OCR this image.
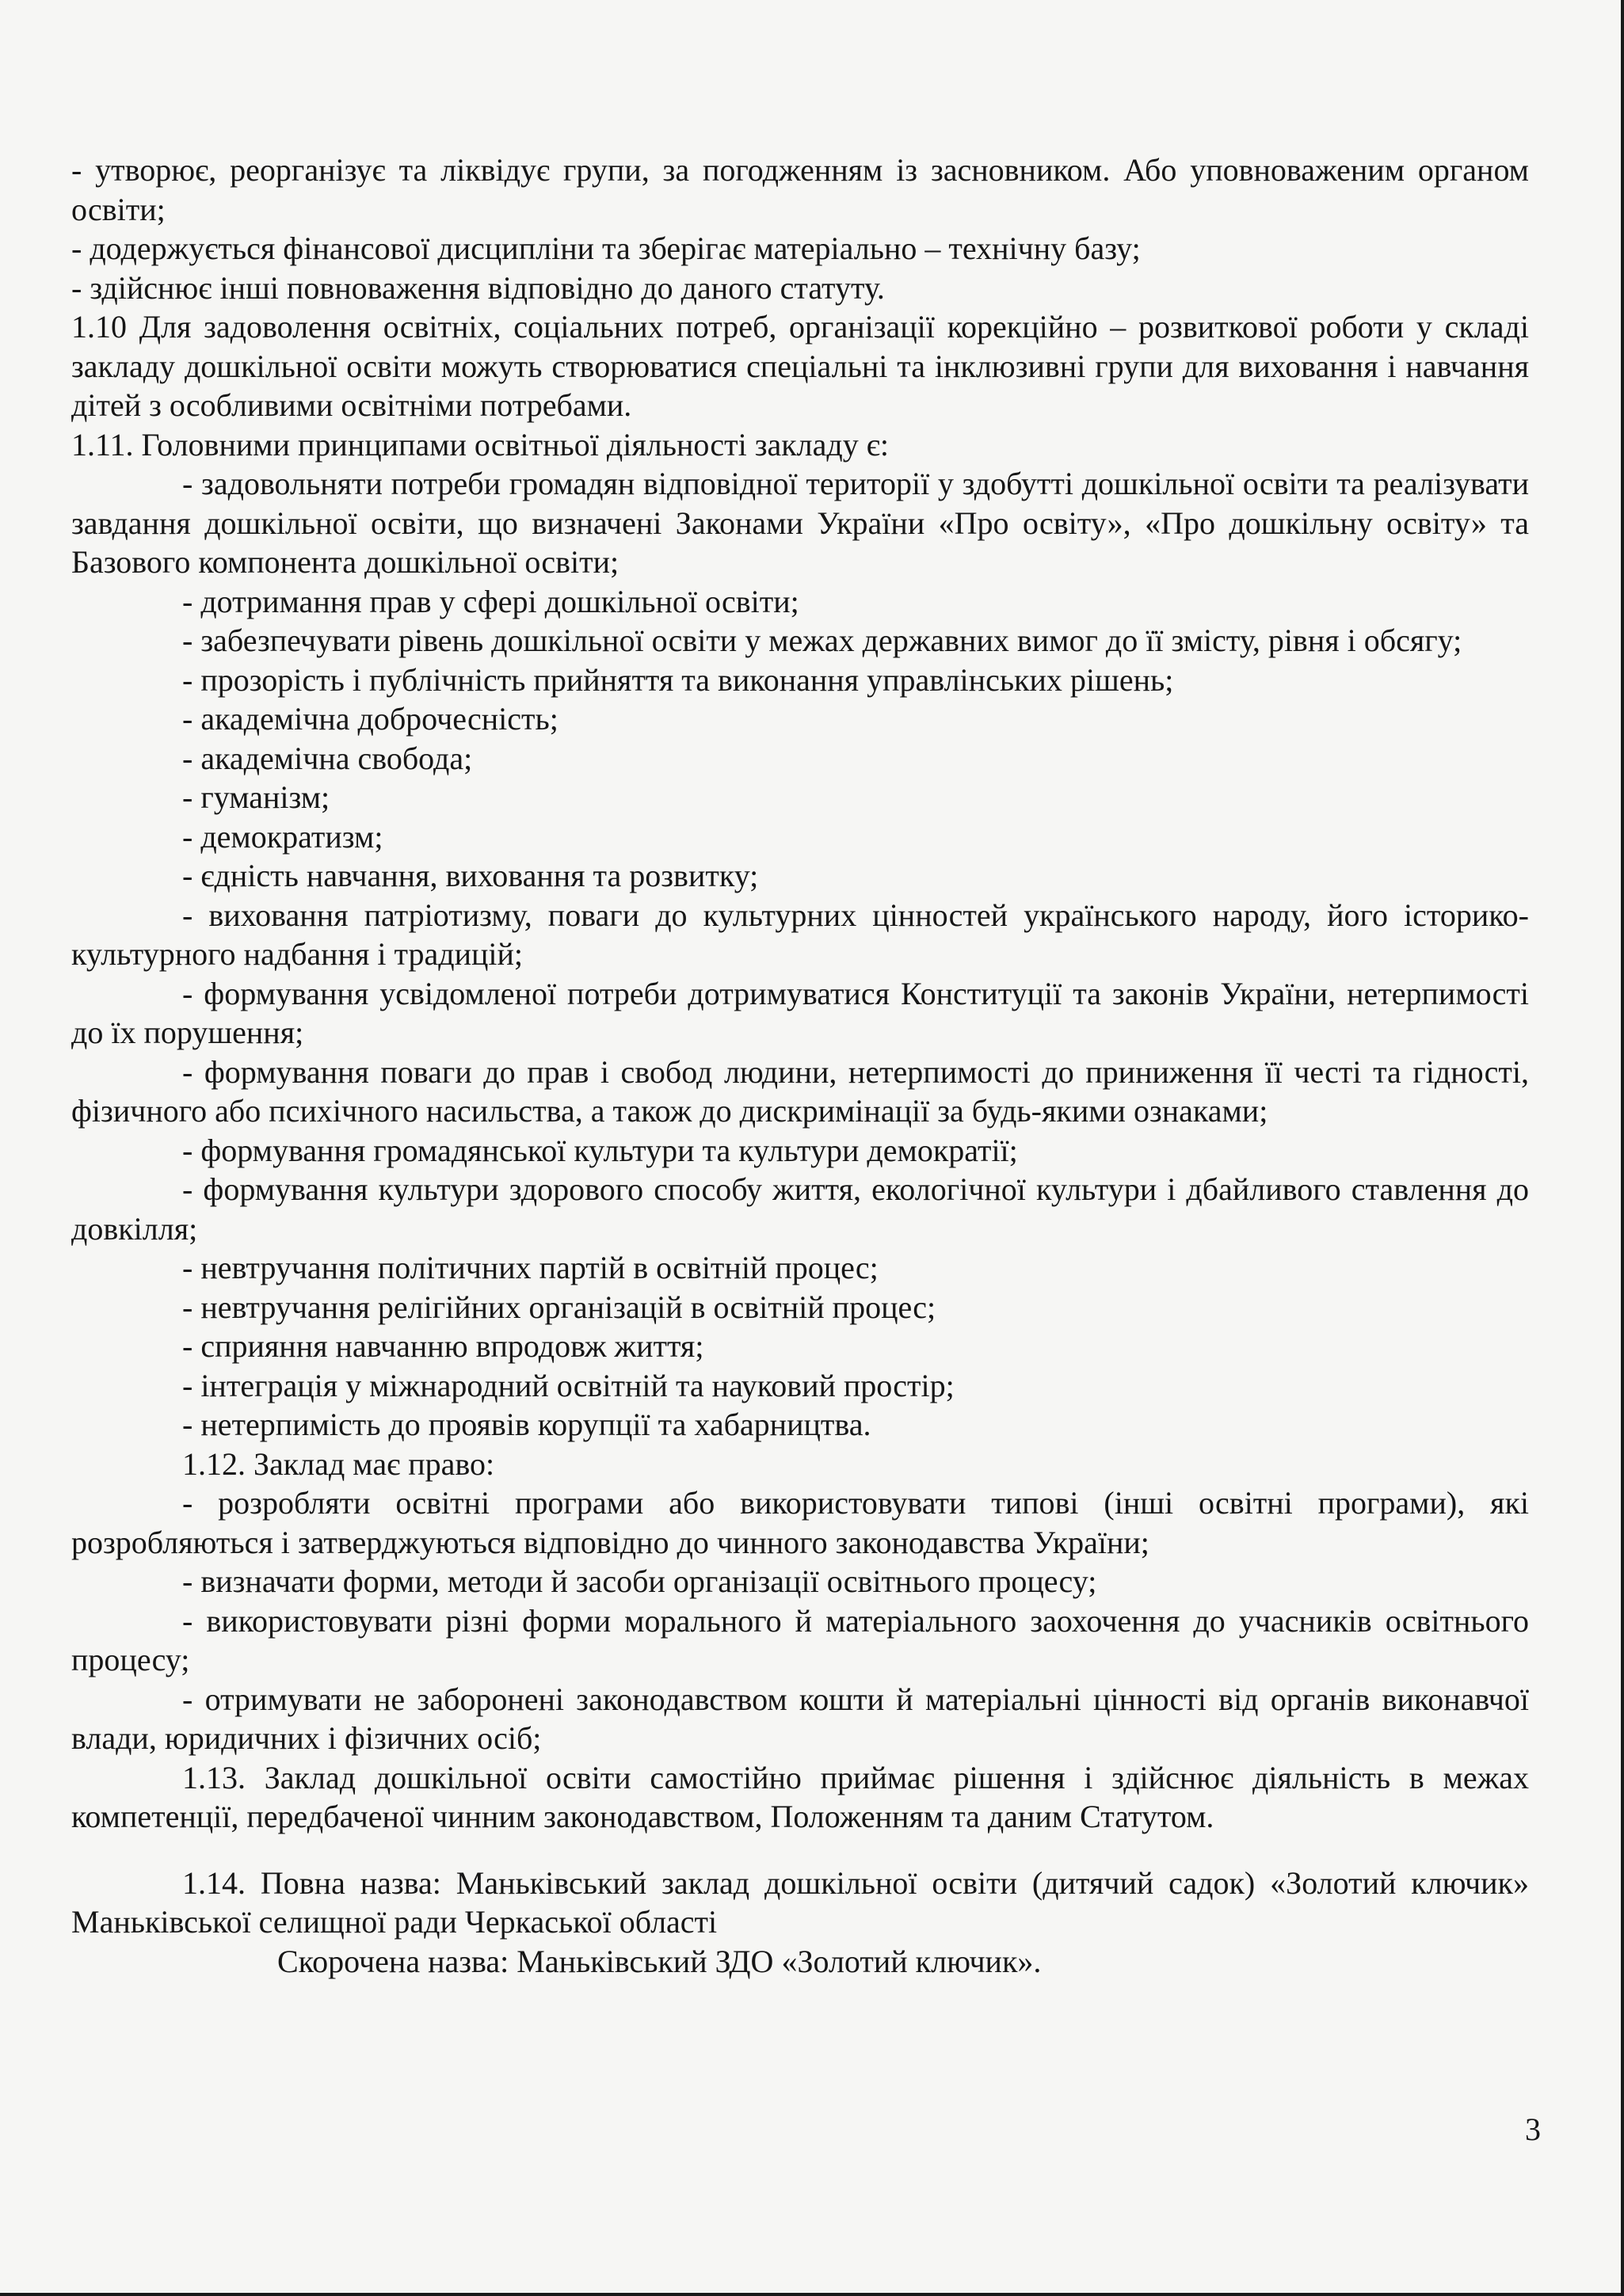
- утворює, реорганізує та ліквідує групи, за погодженням із засновником. Або уповноваженим органом освіти;

- додержується фінансової дисципліни та зберігає матеріально – технічну базу;

- здійснює інші повноваження відповідно до даного статуту.

1.10 Для задоволення освітніх, соціальних потреб, організації корекційно – розвиткової роботи у складі закладу дошкільної освіти можуть створюватися спеціальні та інклюзивні групи для виховання і навчання дітей з особливими освітніми потребами.

1.11. Головними принципами освітньої діяльності закладу є:

- задовольняти потреби громадян відповідної території у здобутті дошкільної освіти та реалізувати завдання дошкільної освіти, що визначені Законами України «Про освіту», «Про дошкільну освіту» та Базового компонента дошкільної освіти;

- дотримання прав у сфері дошкільної освіти;

- забезпечувати рівень дошкільної освіти у межах державних вимог до її змісту, рівня і обсягу;

- прозорість і публічність прийняття та виконання управлінських рішень;

- академічна доброчесність;

- академічна свобода;

- гуманізм;

- демократизм;

- єдність навчання, виховання та розвитку;

- виховання патріотизму, поваги до культурних цінностей українського народу, його історико-культурного надбання і традицій;

- формування усвідомленої потреби дотримуватися Конституції та законів України, нетерпимості до їх порушення;

- формування поваги до прав і свобод людини, нетерпимості до приниження її честі та гідності, фізичного або психічного насильства, а також до дискримінації за будь-якими ознаками;

- формування громадянської культури та культури демократії;

- формування культури здорового способу життя, екологічної культури і дбайливого ставлення до довкілля;

- невтручання політичних партій в освітній процес;

- невтручання релігійних організацій в освітній процес;

- сприяння навчанню впродовж життя;

- інтеграція у міжнародний освітній та науковий простір;

- нетерпимість до проявів корупції та хабарництва.

1.12. Заклад має право:

- розробляти освітні програми або використовувати типові (інші освітні програми), які розробляються і затверджуються відповідно до чинного законодавства України;

- визначати форми, методи й засоби організації освітнього процесу;

- використовувати різні форми морального й матеріального заохочення до учасників освітнього процесу;

- отримувати не заборонені законодавством кошти й матеріальні цінності від органів виконавчої влади, юридичних і фізичних осіб;

1.13. Заклад дошкільної освіти самостійно приймає рішення і здійснює діяльність в межах компетенції, передбаченої чинним законодавством, Положенням та даним Статутом.

1.14. Повна назва: Маньківський заклад дошкільної освіти (дитячий садок) «Золотий ключик» Маньківської селищної ради Черкаської області

Скорочена назва: Маньківський ЗДО «Золотий ключик».

3
